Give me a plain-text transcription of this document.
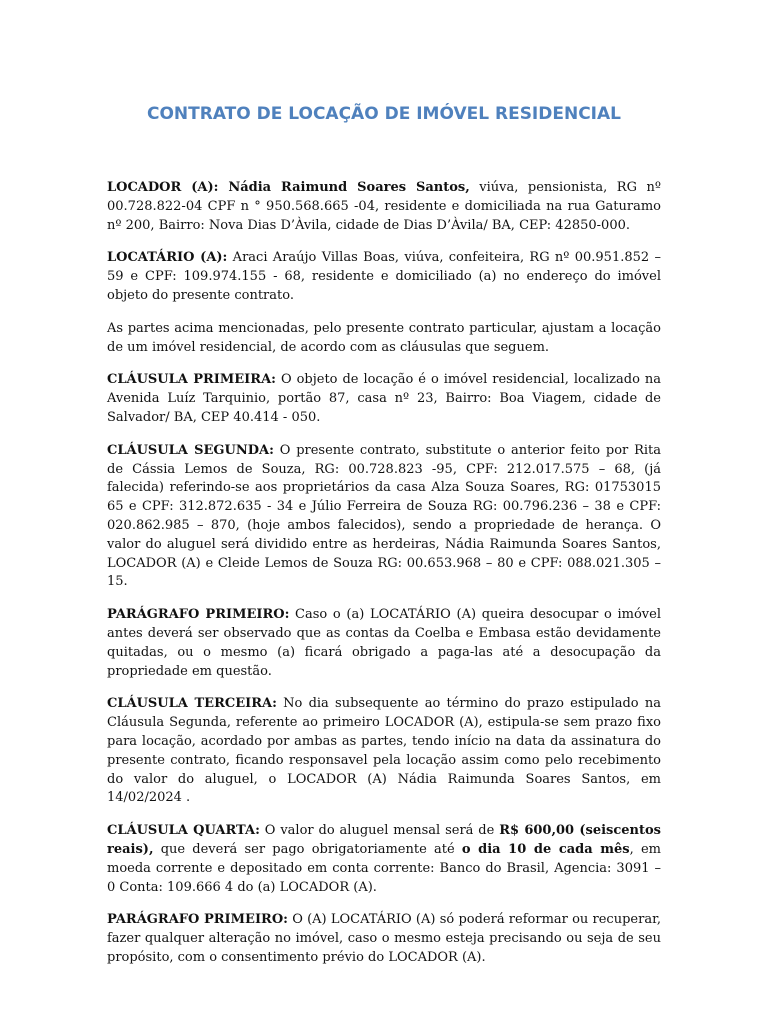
CONTRATO DE LOCAÇÃO DE IMÓVEL RESIDENCIAL

LOCADOR (A): Nádia Raimund Soares Santos, viúva, pensionista, RG nº 00.728.822-04 CPF n ° 950.568.665 -04, residente e domiciliada na rua Gaturamo nº 200, Bairro: Nova Dias D’Àvila, cidade de Dias D’Àvila/ BA, CEP: 42850-000.

LOCATÁRIO (A): Araci Araújo Villas Boas, viúva, confeiteira, RG nº 00.951.852 – 59 e CPF: 109.974.155 - 68, residente e domiciliado (a) no endereço do imóvel objeto do presente contrato.

As partes acima mencionadas, pelo presente contrato particular, ajustam a locação de um imóvel residencial, de acordo com as cláusulas que seguem.

CLÁUSULA PRIMEIRA: O objeto de locação é o imóvel residencial, localizado na Avenida Luíz Tarquinio, portão 87, casa nº 23, Bairro: Boa Viagem, cidade de Salvador/ BA, CEP 40.414 - 050.

CLÁUSULA SEGUNDA: O presente contrato, substitute o anterior feito por Rita de Cássia Lemos de Souza, RG: 00.728.823 -95, CPF: 212.017.575 – 68, (já falecida) referindo-se aos proprietários da casa Alza Souza Soares, RG: 01753015 65 e CPF: 312.872.635 - 34 e Júlio Ferreira de Souza RG: 00.796.236 – 38 e CPF: 020.862.985 – 870, (hoje ambos falecidos), sendo a propriedade de herança. O valor do aluguel será dividido entre as herdeiras, Nádia Raimunda Soares Santos, LOCADOR (A) e Cleide Lemos de Souza RG: 00.653.968 – 80 e CPF: 088.021.305 – 15.

PARÁGRAFO PRIMEIRO: Caso o (a) LOCATÁRIO (A) queira desocupar o imóvel antes deverá ser observado que as contas da Coelba e Embasa estão devidamente quitadas, ou o mesmo (a) ficará obrigado a paga-las até a desocupação da propriedade em questão.

CLÁUSULA TERCEIRA: No dia subsequente ao término do prazo estipulado na Cláusula Segunda, referente ao primeiro LOCADOR (A), estipula-se sem prazo fixo para locação, acordado por ambas as partes, tendo início na data da assinatura do presente contrato, ficando responsavel pela locação assim como pelo recebimento do valor do aluguel, o LOCADOR (A) Nádia Raimunda Soares Santos, em 14/02/2024 .

CLÁUSULA QUARTA: O valor do aluguel mensal será de R$ 600,00 (seiscentos reais), que deverá ser pago obrigatoriamente até o dia 10 de cada mês, em moeda corrente e depositado em conta corrente: Banco do Brasil, Agencia: 3091 – 0 Conta: 109.666 4 do (a) LOCADOR (A).

PARÁGRAFO PRIMEIRO: O (A) LOCATÁRIO (A) só poderá reformar ou recuperar, fazer qualquer alteração no imóvel, caso o mesmo esteja precisando ou seja de seu propósito, com o consentimento prévio do LOCADOR (A).
